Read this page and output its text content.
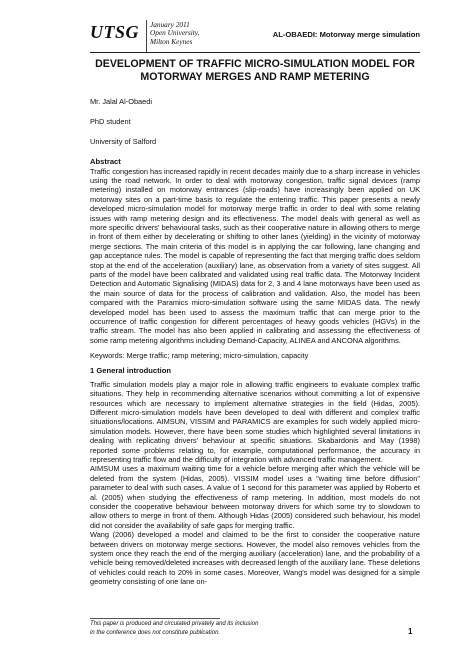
UTSG January 2011
Open University,
Milton Keynes
AL-OBAEDI: Motorway merge simulation
DEVELOPMENT OF TRAFFIC MICRO-SIMULATION MODEL FOR
MOTORWAY MERGES AND RAMP METERING
Mr. Jalal Al-Obaedi
PhD student
University of Salford
Abstract

Traffic congestion has increased rapidly in recent decades mainly due to a sharp increase in vehicles using the road network. In order to deal with motorway congestion, traffic signal devices (ramp metering) installed on motorway entrances (slip-roads) have increasingly been applied on UK motorway sites on a part-time basis to regulate the entering traffic. This paper presents a newly developed micro-simulation model for motorway merge traffic in order to deal with some relating issues with ramp metering design and its effectiveness. The model deals with general as well as more specific drivers' behavioural tasks, such as their cooperative nature in allowing others to merge in front of them either by decelerating or shifting to other lanes (yielding) in the vicinity of motorway merge sections. The main criteria of this model is in applying the car following, lane changing and gap acceptance rules. The model is capable of representing the fact that merging traffic does seldom stop at the end of the acceleration (auxiliary) lane, as observation from a variety of sites suggest. All parts of the model have been calibrated and validated using real traffic data. The Motorway Incident Detection and Automatic Signalising (MIDAS) data for 2, 3 and 4 lane motorways have been used as the main source of data for the process of calibration and validation. Also, the model has been compared with the Paramics micro-simulation software using the same MIDAS data. The newly developed model has been used to assess the maximum traffic that can merge prior to the occurrence of traffic congestion for different percentages of heavy goods vehicles (HGVs) in the traffic stream. The model has also been applied in calibrating and assessing the effectiveness of some ramp metering algorithms including Demand-Capacity, ALINEA and ANCONA algorithms.

Keywords: Merge traffic; ramp metering; micro-simulation, capacity
1 General introduction

Traffic simulation models play a major role in allowing traffic engineers to evaluate complex traffic situations. They help in recommending alternative scenarios without committing a lot of expensive resources which are necessary to implement alternative strategies in the field (Hidas, 2005). Different micro-simulation models have been developed to deal with different and complex traffic situations/locations. AIMSUN, VISSIM and PARAMICS are examples for such widely applied micro-simulation models. However, there have been some studies which highlighted several limitations in dealing with replicating drivers' behaviour at specific situations. Skabardonis and May (1998) reported some problems relating to, for example, computational performance, the accuracy in representing traffic flow and the difficulty of integration with advanced traffic management.

AIMSUM uses a maximum waiting time for a vehicle before merging after which the vehicle will be deleted from the system (Hidas, 2005). VISSIM model uses a "waiting time before diffusion" parameter to deal with such cases. A value of 1 second for this parameter was applied by Roberto et al. (2005) when studying the effectiveness of ramp metering. In addition, most models do not consider the cooperative behaviour between motorway drivers for which some try to slowdown to allow others to merge in front of them. Although Hidas (2005) considered such behaviour, his model did not consider the availability of safe gaps for merging traffic.

Wang (2006) developed a model and claimed to be the first to consider the cooperative nature between drivers on motorway merge sections. However, the model also removes vehicles from the system once they reach the end of the merging auxiliary (acceleration) lane, and the probability of a vehicle being removed/deleted increases with decreased length of the auxiliary lane. These deletions of vehicles could reach to 20% in some cases. Moreover, Wang's model was designed for a simple geometry consisting of one lane on-

This paper is produced and circulated privately and its inclusion
in the conference does not constitute publication.	1
